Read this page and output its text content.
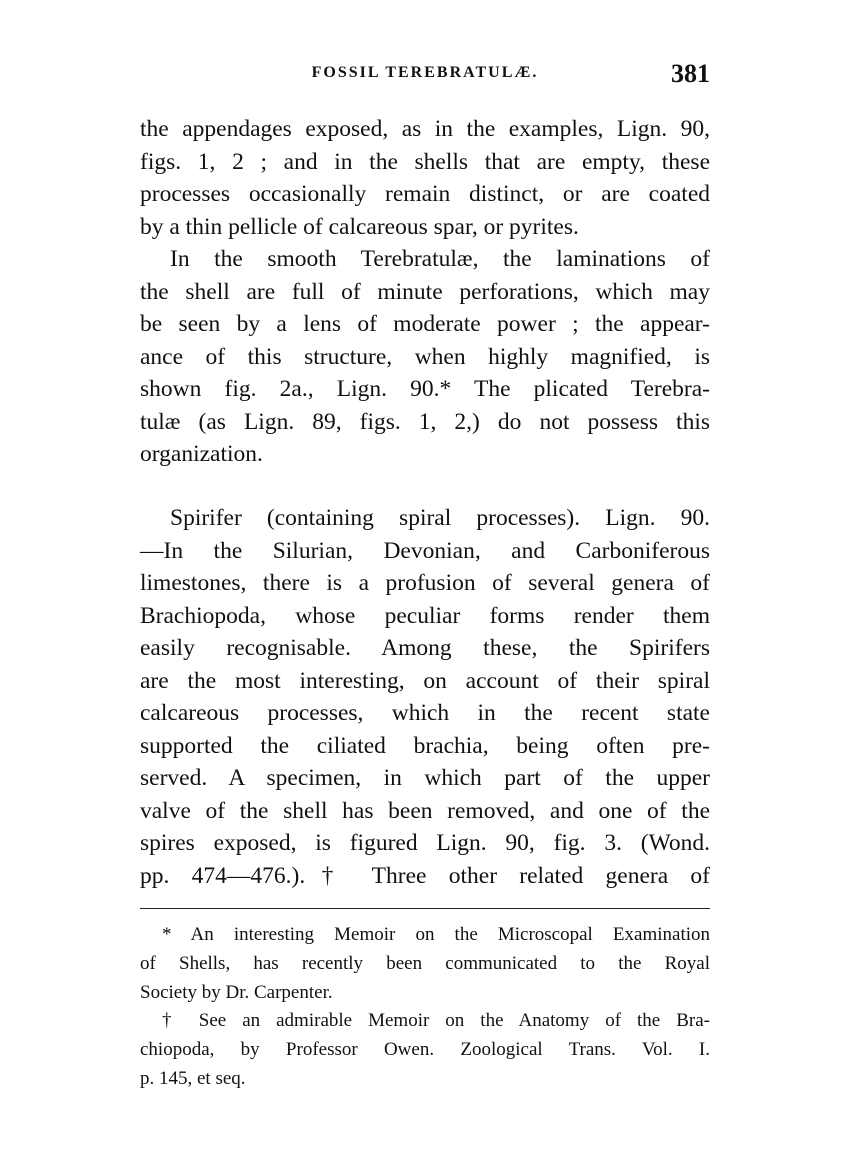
FOSSIL TEREBRATULÆ.	381
the appendages exposed, as in the examples, Lign. 90,
figs. 1, 2 ; and in the shells that are empty, these
processes occasionally remain distinct, or are coated
by a thin pellicle of calcareous spar, or pyrites.
In the smooth Terebratulæ, the laminations of
the shell are full of minute perforations, which may
be seen by a lens of moderate power ; the appear-
ance of this structure, when highly magnified, is
shown fig. 2a., Lign. 90.* The plicated Terebra-
tulæ (as Lign. 89, figs. 1, 2,) do not possess this
organization.
Spirifer (containing spiral processes). Lign. 90.
—In the Silurian, Devonian, and Carboniferous
limestones, there is a profusion of several genera of
Brachiopoda, whose peculiar forms render them
easily recognisable. Among these, the Spirifers
are the most interesting, on account of their spiral
calcareous processes, which in the recent state
supported the ciliated brachia, being often pre-
served. A specimen, in which part of the upper
valve of the shell has been removed, and one of the
spires exposed, is figured Lign. 90, fig. 3. (Wond.
pp. 474—476.).† Three other related genera of
* An interesting Memoir on the Microscopal Examination
of Shells, has recently been communicated to the Royal
Society by Dr. Carpenter.
† See an admirable Memoir on the Anatomy of the Bra-
chiopoda, by Professor Owen. Zoological Trans. Vol. I.
p. 145, et seq.
